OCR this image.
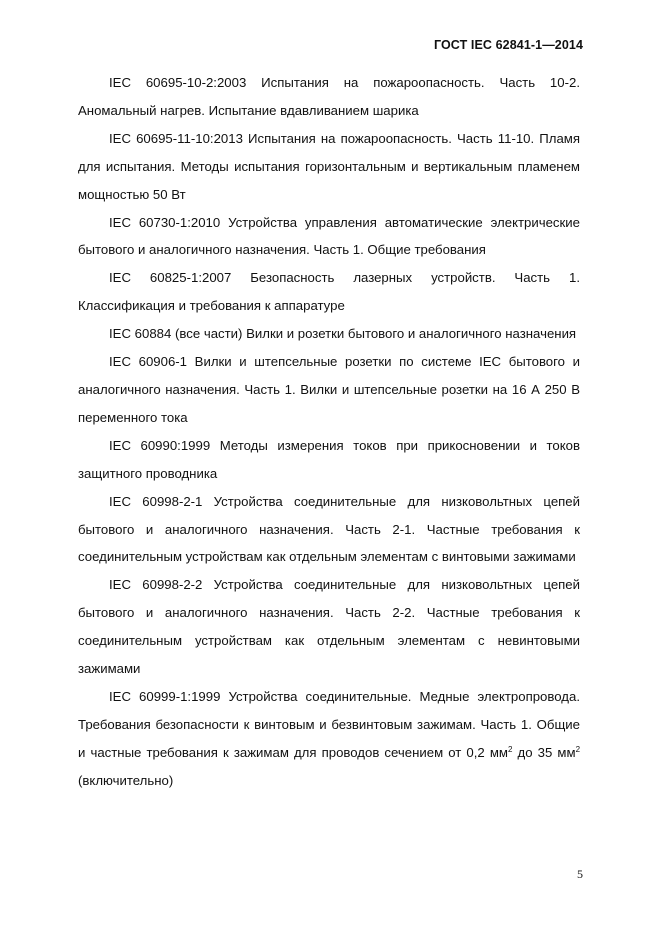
ГОСТ IEC 62841-1—2014

IEC 60695-10-2:2003 Испытания на пожароопасность. Часть 10-2. Аномальный нагрев. Испытание вдавливанием шарика

IEC 60695-11-10:2013 Испытания на пожароопасность. Часть 11-10. Пламя для испытания. Методы испытания горизонтальным и вертикальным пламенем мощностью 50 Вт

IEC 60730-1:2010 Устройства управления автоматические электрические бытового и аналогичного назначения. Часть 1. Общие требования

IEC 60825-1:2007 Безопасность лазерных устройств. Часть 1. Классификация и требования к аппаратуре

IEC 60884 (все части) Вилки и розетки бытового и аналогичного назначения

IEC 60906-1 Вилки и штепсельные розетки по системе IEC бытового и аналогичного назначения. Часть 1. Вилки и штепсельные розетки на 16 А 250 В переменного тока

IEC 60990:1999 Методы измерения токов при прикосновении и токов защитного проводника

IEC 60998-2-1 Устройства соединительные для низковольтных цепей бытового и аналогичного назначения. Часть 2-1. Частные требования к соединительным устройствам как отдельным элементам с винтовыми зажимами

IEC 60998-2-2 Устройства соединительные для низковольтных цепей бытового и аналогичного назначения. Часть 2-2. Частные требования к соединительным устройствам как отдельным элементам с невинтовыми зажимами

IEC 60999-1:1999 Устройства соединительные. Медные электропровода. Требования безопасности к винтовым и безвинтовым зажимам. Часть 1. Общие и частные требования к зажимам для проводов сечением от 0,2 $мм^2$ до 35 $мм^2$ (включительно)

5
